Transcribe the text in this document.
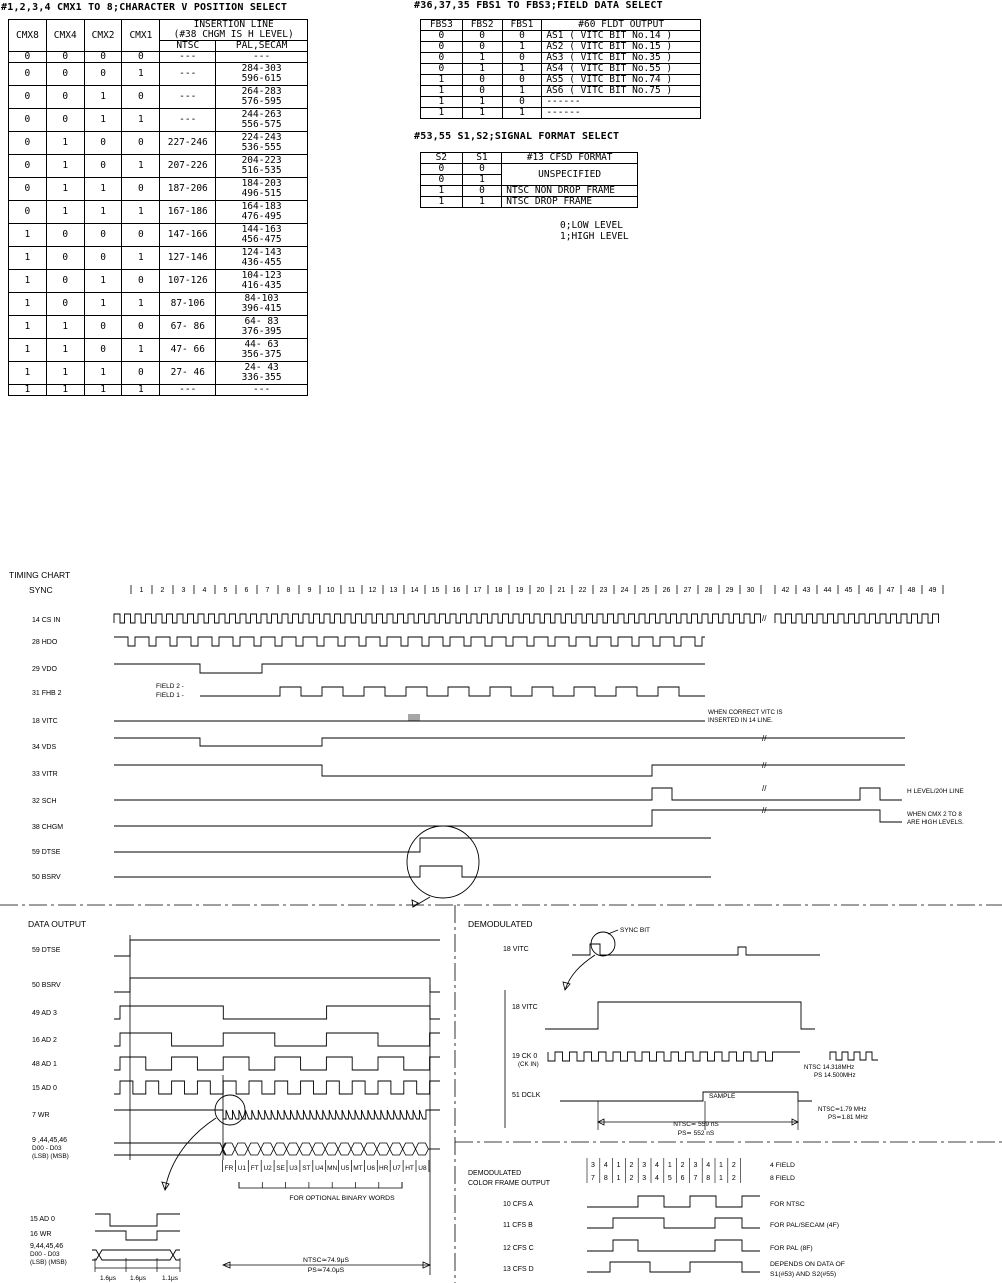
#1,2,3,4 CMX1 TO 8;CHARACTER V POSITION SELECT
CMX8	CMX4	CMX2	CMX1	INSERTION LINE
(#38 CHGM IS H LEVEL)	

				NTSC	PAL,SECAM
0	0	0	0	---	---

0	0	0	1	---	284-303
596-615

0	0	1	0	---	264-283
576-595

0	0	1	1	---	244-263
556-575

0	1	0	0	227-246	224-243
536-555

0	1	0	1	207-226	204-223
516-535

0	1	1	0	187-206	184-203
496-515

0	1	1	1	167-186	164-183
476-495

1	0	0	0	147-166	144-163
456-475

1	0	0	1	127-146	124-143
436-455

1	0	1	0	107-126	104-123
416-435

1	0	1	1	87-106	84-103
396-415

1	1	0	0	67- 86	64- 83
376-395

1	1	0	1	47- 66	44- 63
356-375

1	1	1	0	27- 46	24- 43
336-355

1	1	1	1	---	---
#36,37,35 FBS1 TO FBS3;FIELD DATA SELECT
FBS3	FBS2	FBS1	#60 FLDT OUTPUT
0	0	0	AS1 ( VITC BIT No.14 )
0	0	1	AS2 ( VITC BIT No.15 )
0	1	0	AS3 ( VITC BIT No.35 )
0	1	1	AS4 ( VITC BIT No.55 )
1	0	0	AS5 ( VITC BIT No.74 )
1	0	1	AS6 ( VITC BIT No.75 )
1	1	0	------
1	1	1	------
#53,55 S1,S2;SIGNAL FORMAT SELECT
S2	S1	#13 CFSD FORMAT
0	0	UNSPECIFIED
0	1	
1	0	NTSC NON DROP FRAME
1	1	NTSC DROP FRAME
0;LOW LEVEL
1;HIGH LEVEL
TIMING CHART
SYNC	1 2 3 4 5 6 7 8 9 10 11 12 13 14 15 16 17 18 19 20 21 22 23 24 25 26 27 28 29 30	42 43 44 45 46 47 48 49
14 CS IN
28 HDO
29 VDO
31 FHB 2
18 VITC
34 VDS
33 VITR
32 SCH
38 CHGM
59 DTSE
50 BSRV
//
FIELD 2 -
FIELD 1 -
WHEN CORRECT VITC IS
INSERTED IN 14 LINE.
H LEVEL/20H LINE
WHEN CMX 2 TO 8
ARE HIGH LEVELS.
//
//
//
//
DATA OUTPUT
59 DTSE
50 BSRV
49 AD 3
16 AD 2
48 AD 1
15 AD 0
7 WR
9 ,44,45,46
D00 - D03
(LSB) (MSB)
FR U1 FT U2 SE U3 ST U4 MN U5 MT U6 HR U7 HT U8
FOR OPTIONAL BINARY WORDS
15 AD 0
16 WR
9,44,45,46
D00 - D03
(LSB) (MSB)
1.6μs 1.6μs 1.1μs
NTSC≃74.9μS
PS≃74.0μS
DEMODULATED
18 VITC
SYNC BIT
18 VITC
19 CK 0
(CK IN)	NTSC 14.318MHz
PS 14.500MHz
51 DCLK	SAMPLE
NTSC≃ 559 nS
PS≃ 552 nS
NTSC≃1.79 MHz
PS≃1.81 MHz
DEMODULATED
COLOR FRAME OUTPUT
3 4 1 2 3 4 1 2 3 4 1 2
7 8 1 2 3 4 5 6 7 8 1 2
4 FIELD
8 FIELD
10 CFS A
11 CFS B
12 CFS C
13 CFS D
FOR NTSC
FOR PAL/SECAM (4F)
FOR PAL (8F)
DEPENDS ON DATA OF
S1(#53) AND S2(#55)
